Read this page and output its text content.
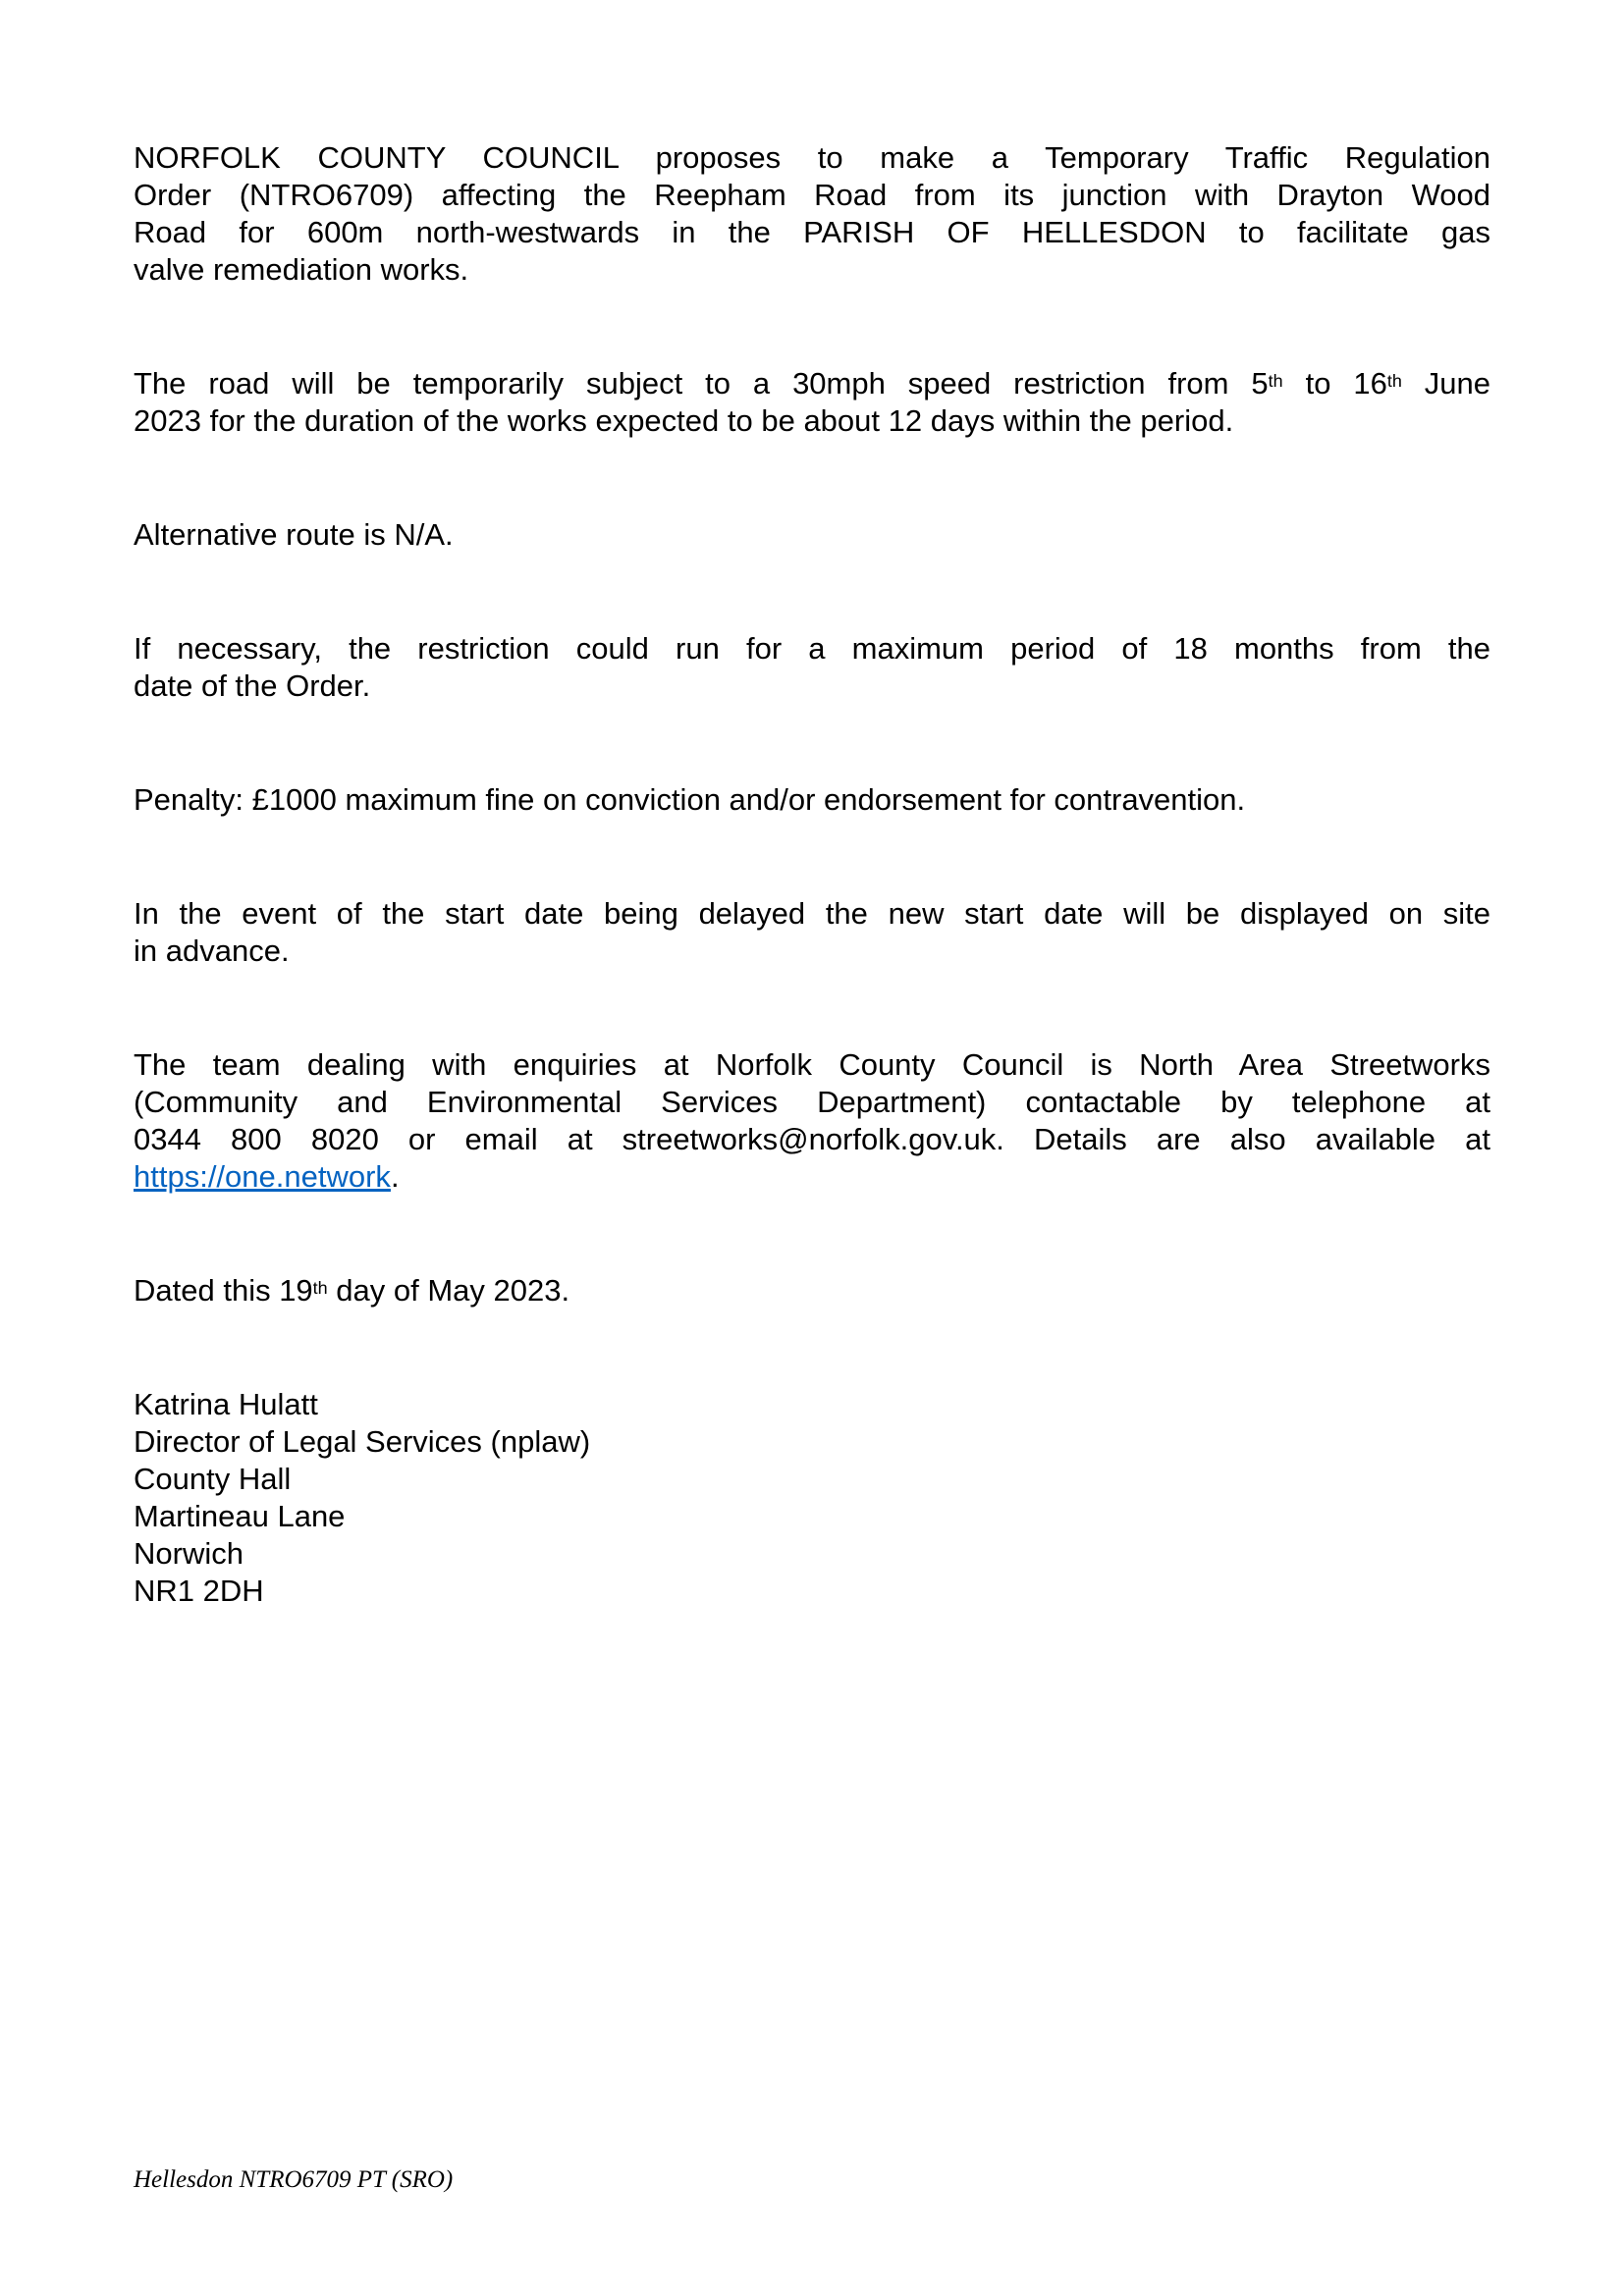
NORFOLK COUNTY COUNCIL proposes to make a Temporary Traffic Regulation
Order (NTRO6709) affecting the Reepham Road from its junction with Drayton Wood
Road for 600m north-westwards in the PARISH OF HELLESDON to facilitate gas
valve remediation works.
The road will be temporarily subject to a 30mph speed restriction from 5th to 16th June
2023 for the duration of the works expected to be about 12 days within the period.
Alternative route is N/A.
If necessary, the restriction could run for a maximum period of 18 months from the
date of the Order.
Penalty: £1000 maximum fine on conviction and/or endorsement for contravention.
In the event of the start date being delayed the new start date will be displayed on site
in advance.
The team dealing with enquiries at Norfolk County Council is North Area Streetworks
(Community and Environmental Services Department) contactable by telephone at
0344 800 8020 or email at streetworks@norfolk.gov.uk. Details are also available at
https://one.network.
Dated this 19th day of May 2023.
Katrina Hulatt
Director of Legal Services (nplaw)
County Hall
Martineau Lane
Norwich
NR1 2DH
Hellesdon NTRO6709 PT (SRO)
